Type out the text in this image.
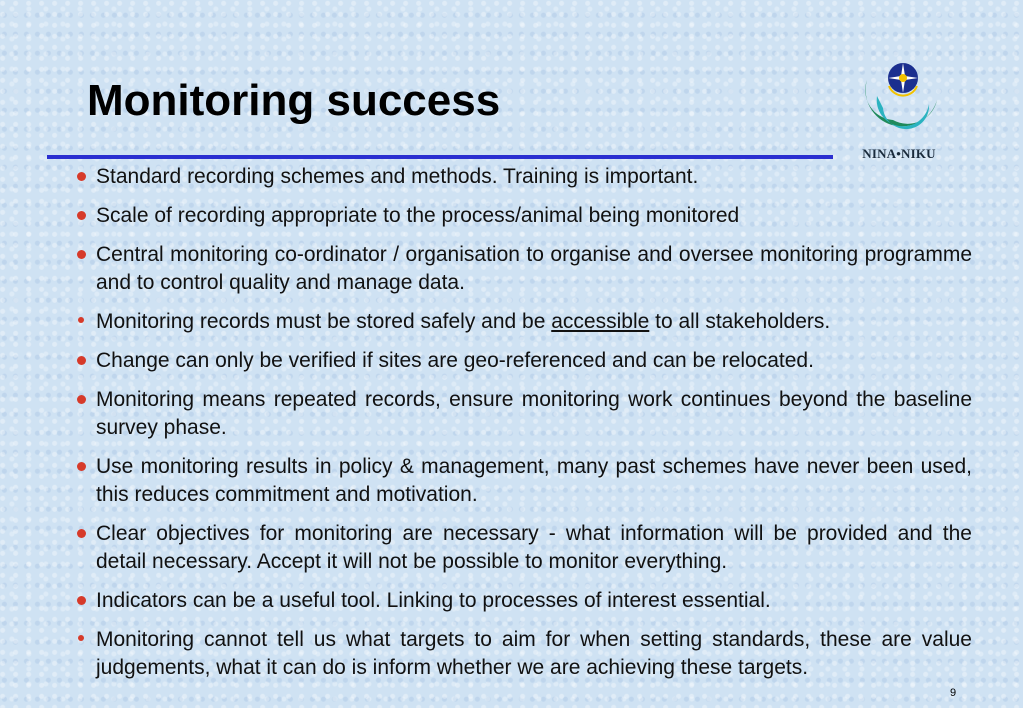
Monitoring success
NINA•NIKU
Standard recording schemes and methods. Training is important.
Scale of recording appropriate to the process/animal being monitored
Central monitoring co-ordinator / organisation to organise and oversee monitoring programme and to control quality and manage data.
Monitoring records must be stored safely and be accessible to all stakeholders.
Change can only be verified if sites are geo-referenced and can be relocated.
Monitoring means repeated records, ensure monitoring work continues beyond the baseline survey phase.
Use monitoring results in policy & management, many past schemes have never been used, this reduces commitment and motivation.
Clear objectives for monitoring are necessary - what information will be provided and the detail necessary. Accept it will not be possible to monitor everything.
Indicators can be a useful tool. Linking to processes of interest essential.
Monitoring cannot tell us what targets to aim for when setting standards, these are value judgements, what it can do is inform whether we are achieving these targets.
9
